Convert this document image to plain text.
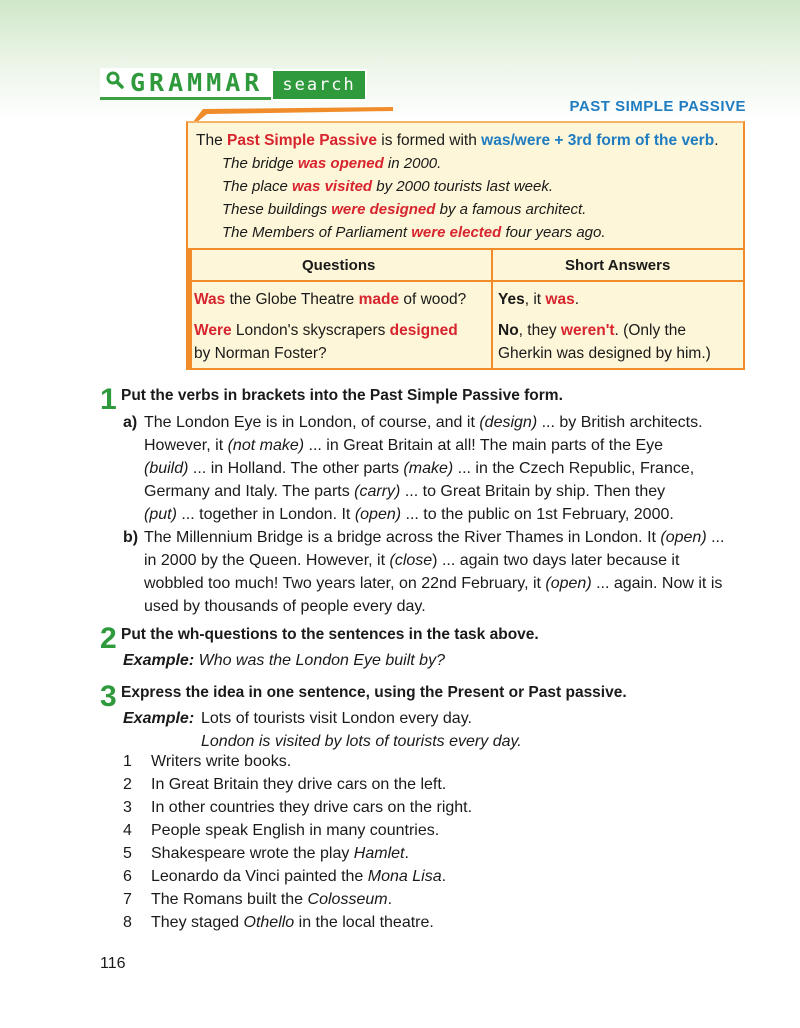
GRAMMAR	search
PAST SIMPLE PASSIVE
The Past Simple Passive is formed with was/were + 3rd form of the verb.
The bridge was opened in 2000.
The place was visited by 2000 tourists last week.
These buildings were designed by a famous architect.
The Members of Parliament were elected four years ago.
Questions	Short Answers
Was the Globe Theatre made of wood? Yes, it was.
Were London's skyscrapers designed
by Norman Foster?
No, they weren't. (Only the
Gherkin was designed by him.)
1 Put the verbs in brackets into the Past Simple Passive form.
a) The London Eye is in London, of course, and it (design) ... by British architects.
However, it (not make) ... in Great Britain at all! The main parts of the Eye
(build) ... in Holland. The other parts (make) ... in the Czech Republic, France,
Germany and Italy. The parts (carry) ... to Great Britain by ship. Then they
(put) ... together in London. It (open) ... to the public on 1st February, 2000.
b) The Millennium Bridge is a bridge across the River Thames in London. It (open) ...
in 2000 by the Queen. However, it (close) ... again two days later because it
wobbled too much! Two years later, on 22nd February, it (open) ... again. Now it is
used by thousands of people every day.
2 Put the wh-questions to the sentences in the task above.
Example: Who was the London Eye built by?
3 Express the idea in one sentence, using the Present or Past passive.
Example: Lots of tourists visit London every day.
London is visited by lots of tourists every day.
1 Writers write books.
2 In Great Britain they drive cars on the left.
3 In other countries they drive cars on the right.
4 People speak English in many countries.
5 Shakespeare wrote the play Hamlet.
6 Leonardo da Vinci painted the Mona Lisa.
7 The Romans built the Colosseum.
8 They staged Othello in the local theatre.
116
